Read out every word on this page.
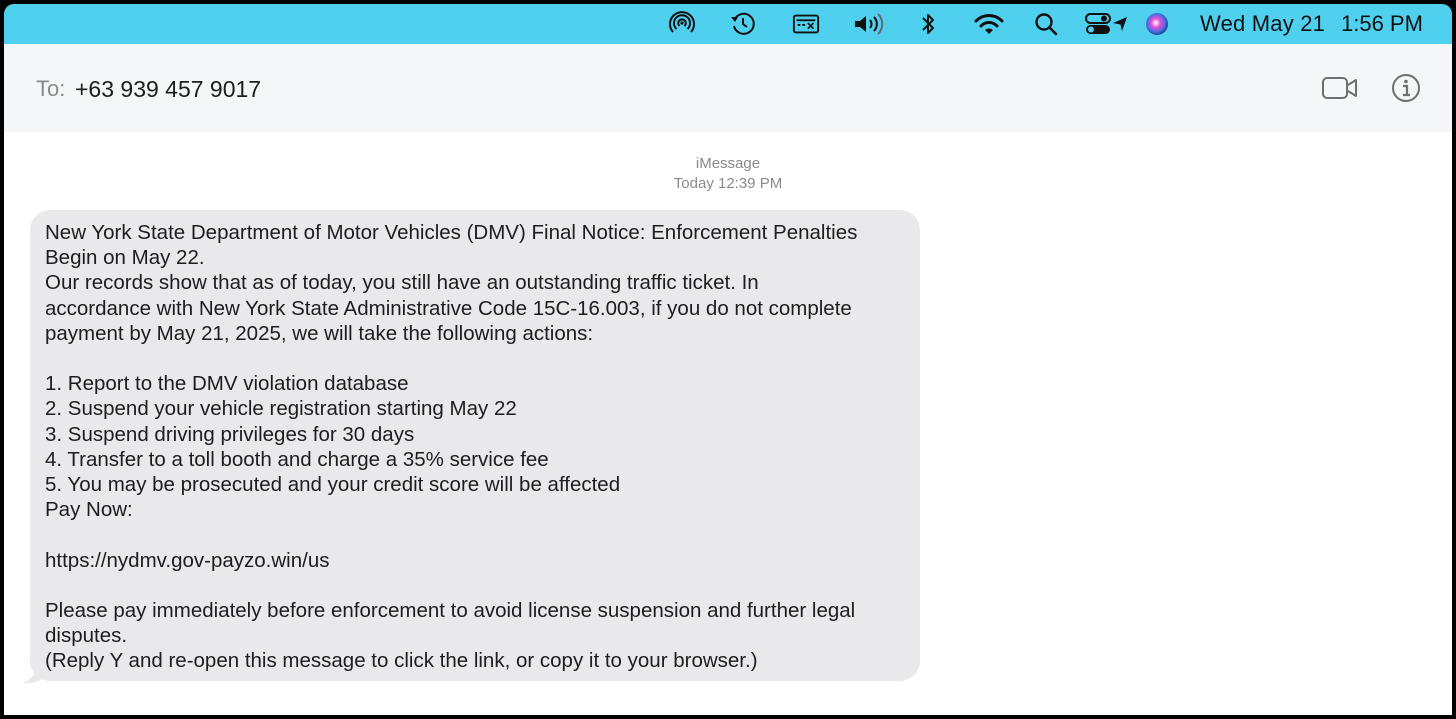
Wed May 21 1:56 PM
To: +63 939 457 9017
iMessage
Today 12:39 PM

New York State Department of Motor Vehicles (DMV) Final Notice: Enforcement Penalties
Begin on May 22.
Our records show that as of today, you still have an outstanding traffic ticket. In
accordance with New York State Administrative Code 15C-16.003, if you do not complete
payment by May 21, 2025, we will take the following actions:

1. Report to the DMV violation database
2. Suspend your vehicle registration starting May 22
3. Suspend driving privileges for 30 days
4. Transfer to a toll booth and charge a 35% service fee
5. You may be prosecuted and your credit score will be affected
Pay Now:

https://nydmv.gov-payzo.win/us

Please pay immediately before enforcement to avoid license suspension and further legal
disputes.
(Reply Y and re-open this message to click the link, or copy it to your browser.)
